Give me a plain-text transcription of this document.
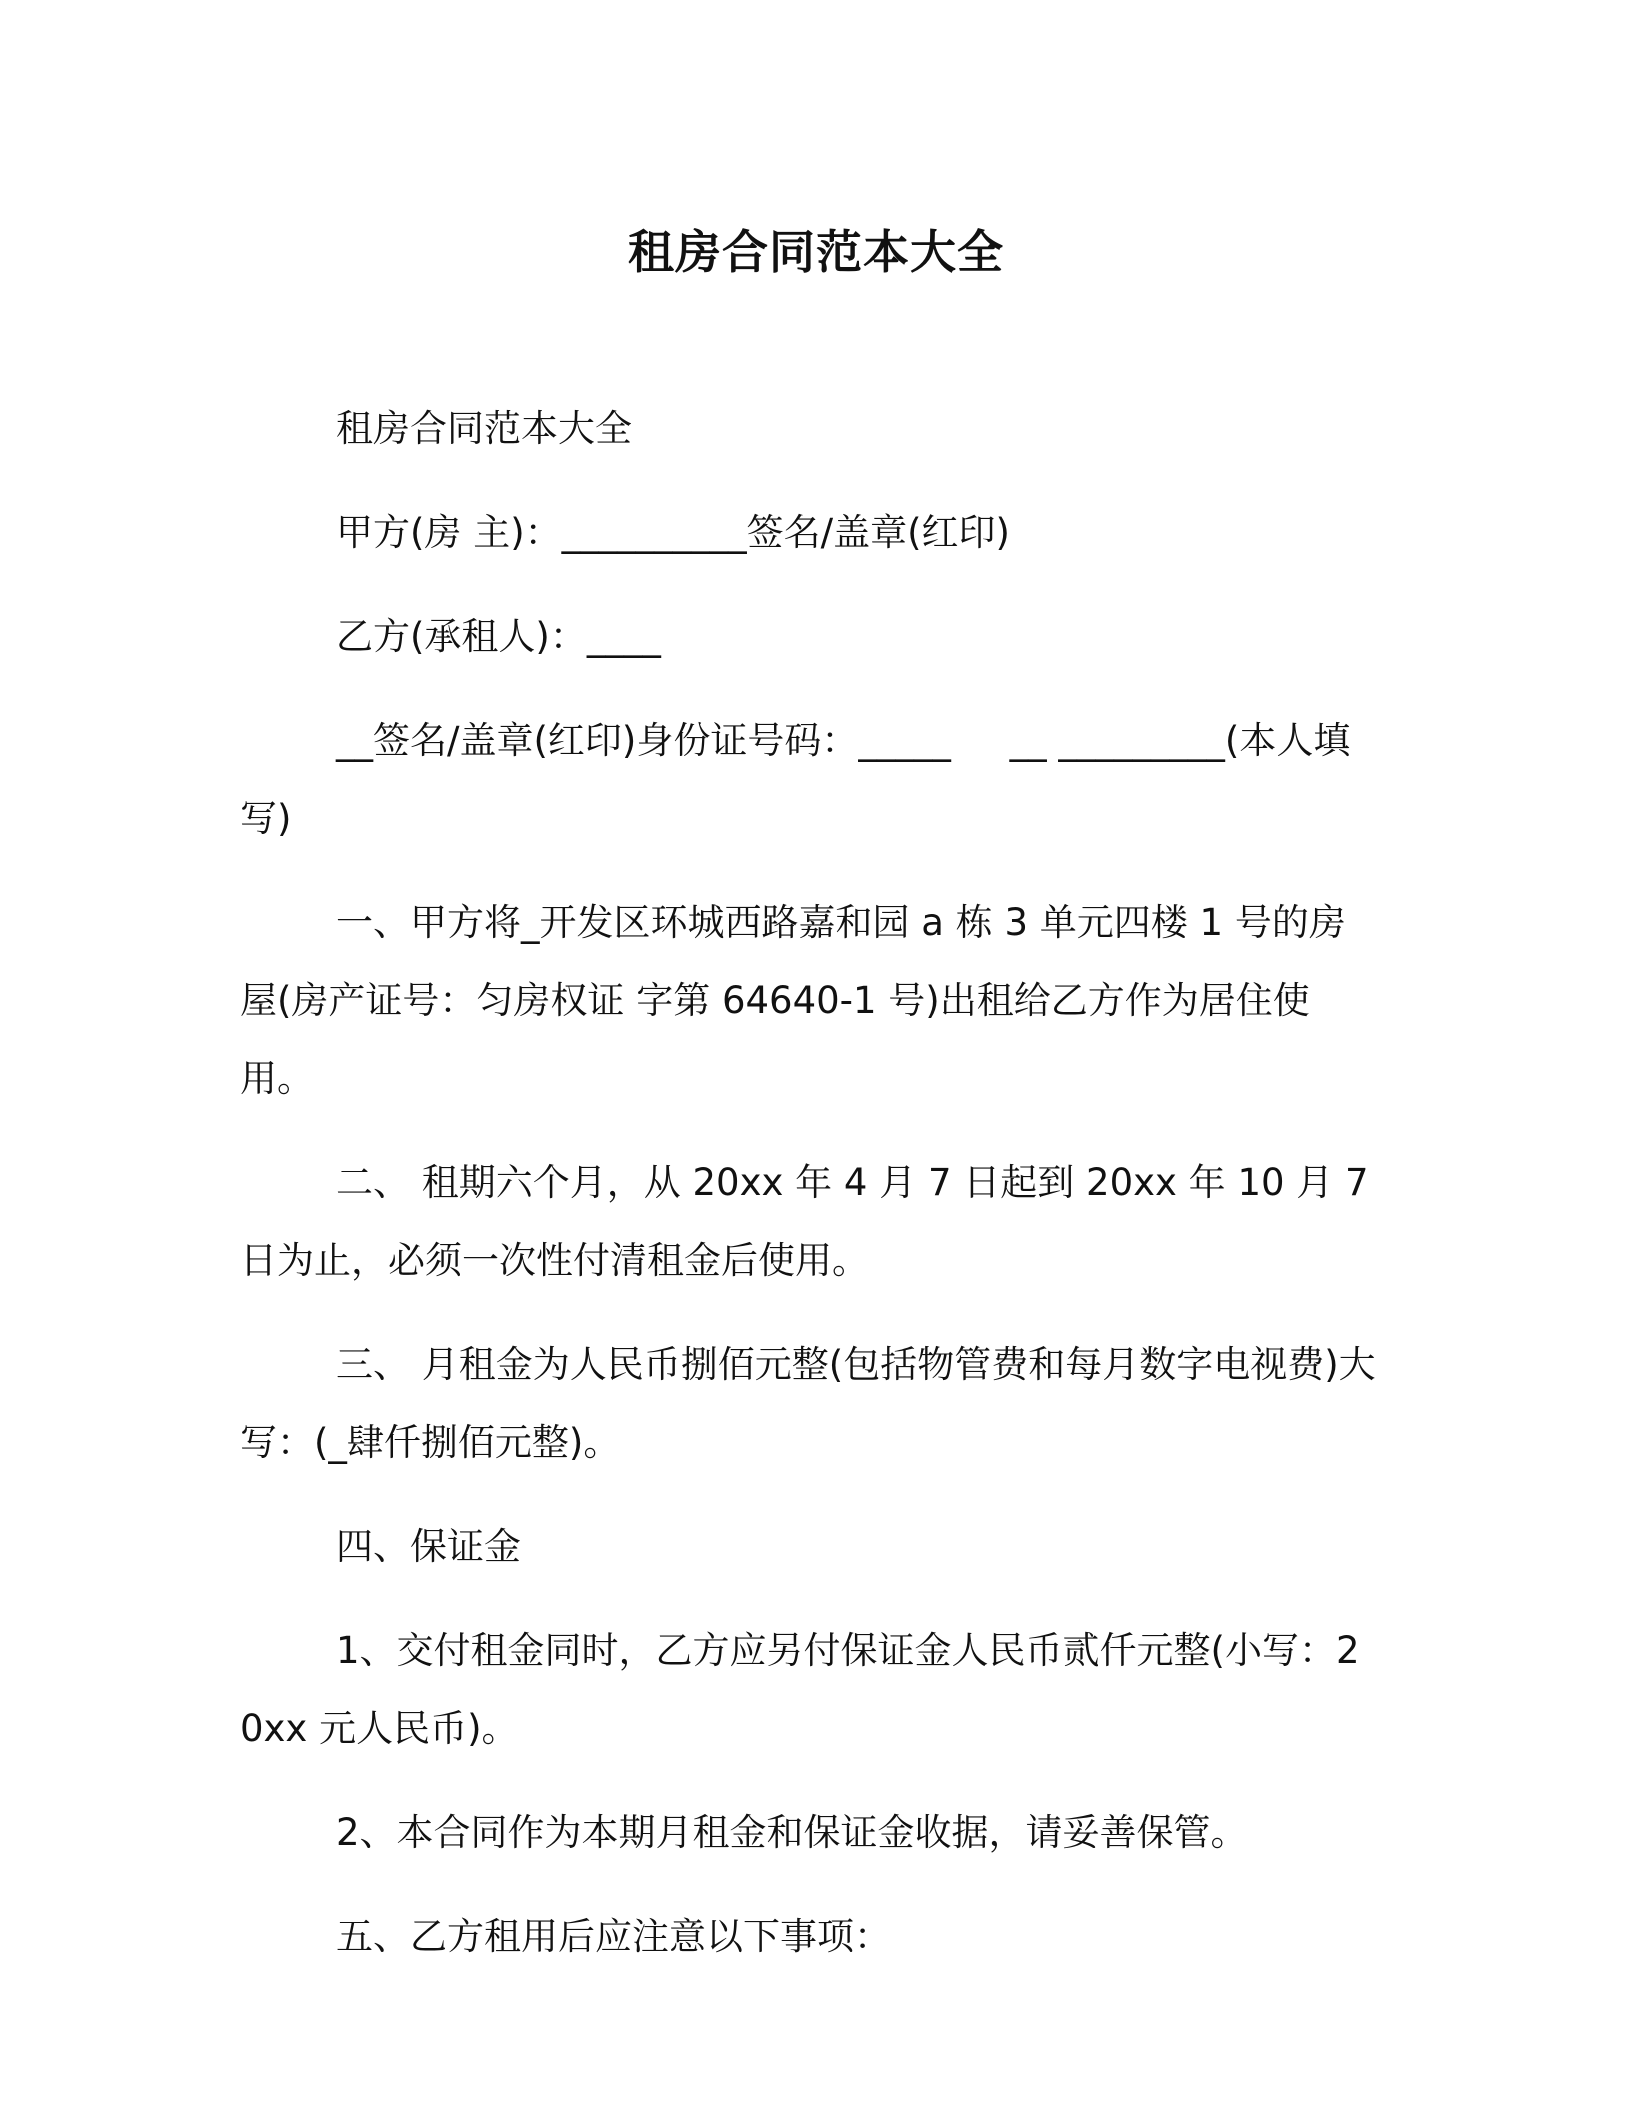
租房合同范本大全

租房合同范本大全

甲方(房 主)：__________签名/盖章(红印)

乙方(承租人)：____

__签名/盖章(红印)身份证号码：_____     __ _________(本人填写)

一、甲方将_开发区环城西路嘉和园 a 栋 3 单元四楼 1 号的房屋(房产证号：匀房权证 字第 64640-1 号)出租给乙方作为居住使用。

二、 租期六个月，从 20xx 年 4 月 7 日起到 20xx 年 10 月 7 日为止，必须一次性付清租金后使用。

三、 月租金为人民币捌佰元整(包括物管费和每月数字电视费)大写：(_肆仟捌佰元整)。

四、保证金

1、交付租金同时，乙方应另付保证金人民币贰仟元整(小写：20xx 元人民币)。

2、本合同作为本期月租金和保证金收据，请妥善保管。

五、乙方租用后应注意以下事项：
